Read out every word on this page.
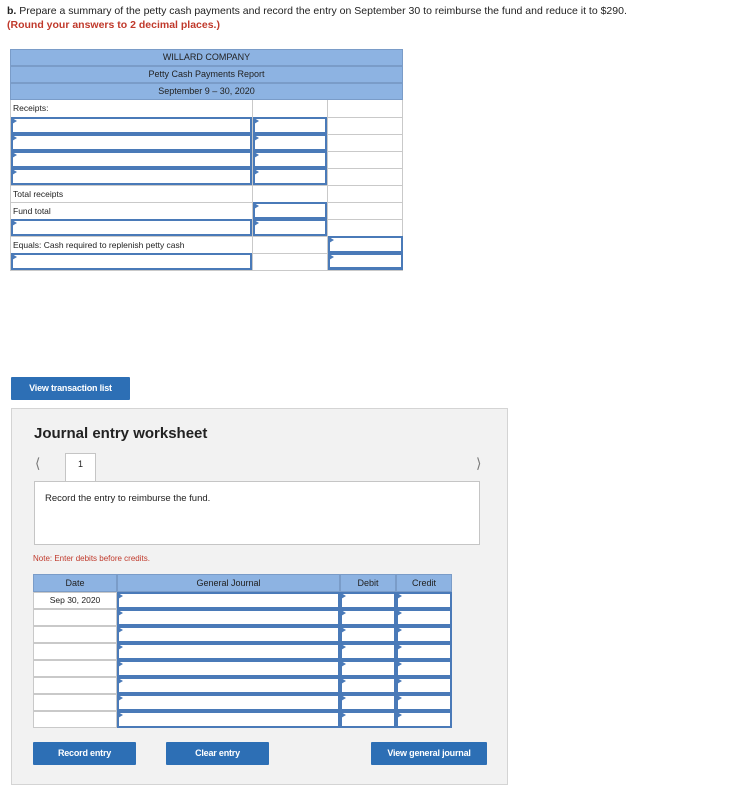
b. Prepare a summary of the petty cash payments and record the entry on September 30 to reimburse the fund and reduce it to $290.
(Round your answers to 2 decimal places.)
WILLARD COMPANY
Petty Cash Payments Report
September 9 – 30, 2020
Receipts:
Total receipts
Fund total
Equals: Cash required to replenish petty cash
View transaction list
Journal entry worksheet
⟨	1	⟩
Record the entry to reimburse the fund.
Note: Enter debits before credits.
Date	General Journal	Debit	Credit
Sep 30, 2020
Record entry	Clear entry	View general journal
